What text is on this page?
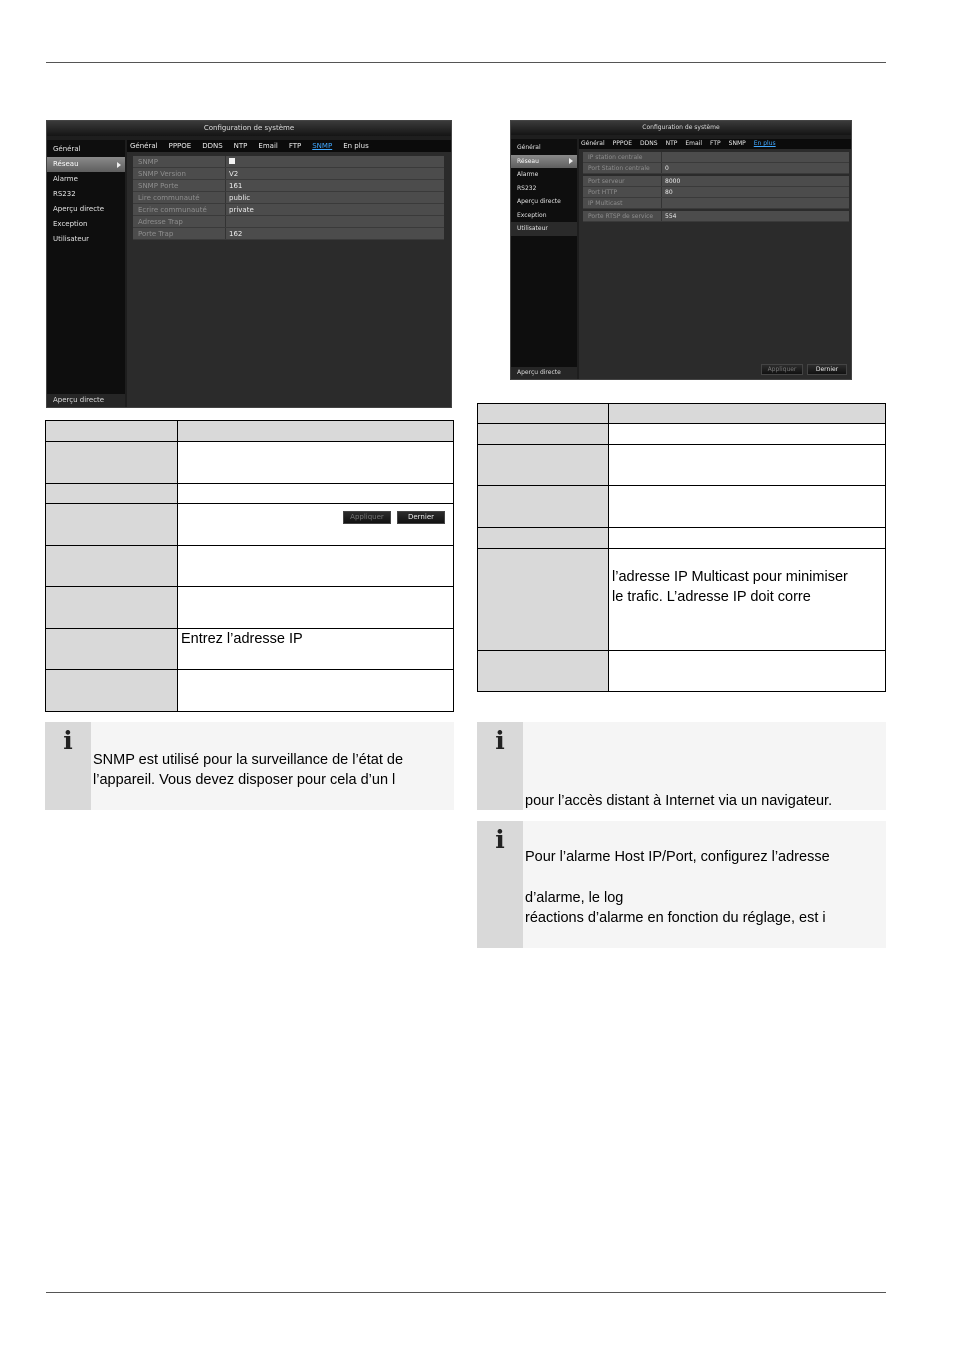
Configuration de système
Général
Réseau
Alarme
RS232
Aperçu directe
Exception
Utilisateur
Aperçu directe
Général PPPOE DDNS NTP Email FTP SNMP En plus
SNMP
SNMP Version	V2
SNMP Porte	161
Lire communauté	public
Ecrire communauté	private
Adresse Trap
Porte Trap	162
Appliquer	Dernier
Configuration de système
Général
Réseau
Alarme
RS232
Aperçu directe
Exception
Utilisateur
Aperçu directe
Général PPPOE DDNS NTP Email FTP SNMP En plus
IP station centrale
Port Station centrale	0
Port serveur	8000
Port HTTP	80
IP Multicast
Porte RTSP de service 554
Appliquer	Dernier

	Entrez l’adresse IP

	l’adresse IP Multicast pour minimiser
le trafic. L’adresse IP doit corre

i
SNMP est utilisé pour la surveillance de l’état de
l’appareil. Vous devez disposer pour cela d’un l
i
pour l’accès distant à Internet via un navigateur.
i
Pour l’alarme Host IP/Port, configurez l’adresse
d’alarme, le log
réactions d’alarme en fonction du réglage, est i
